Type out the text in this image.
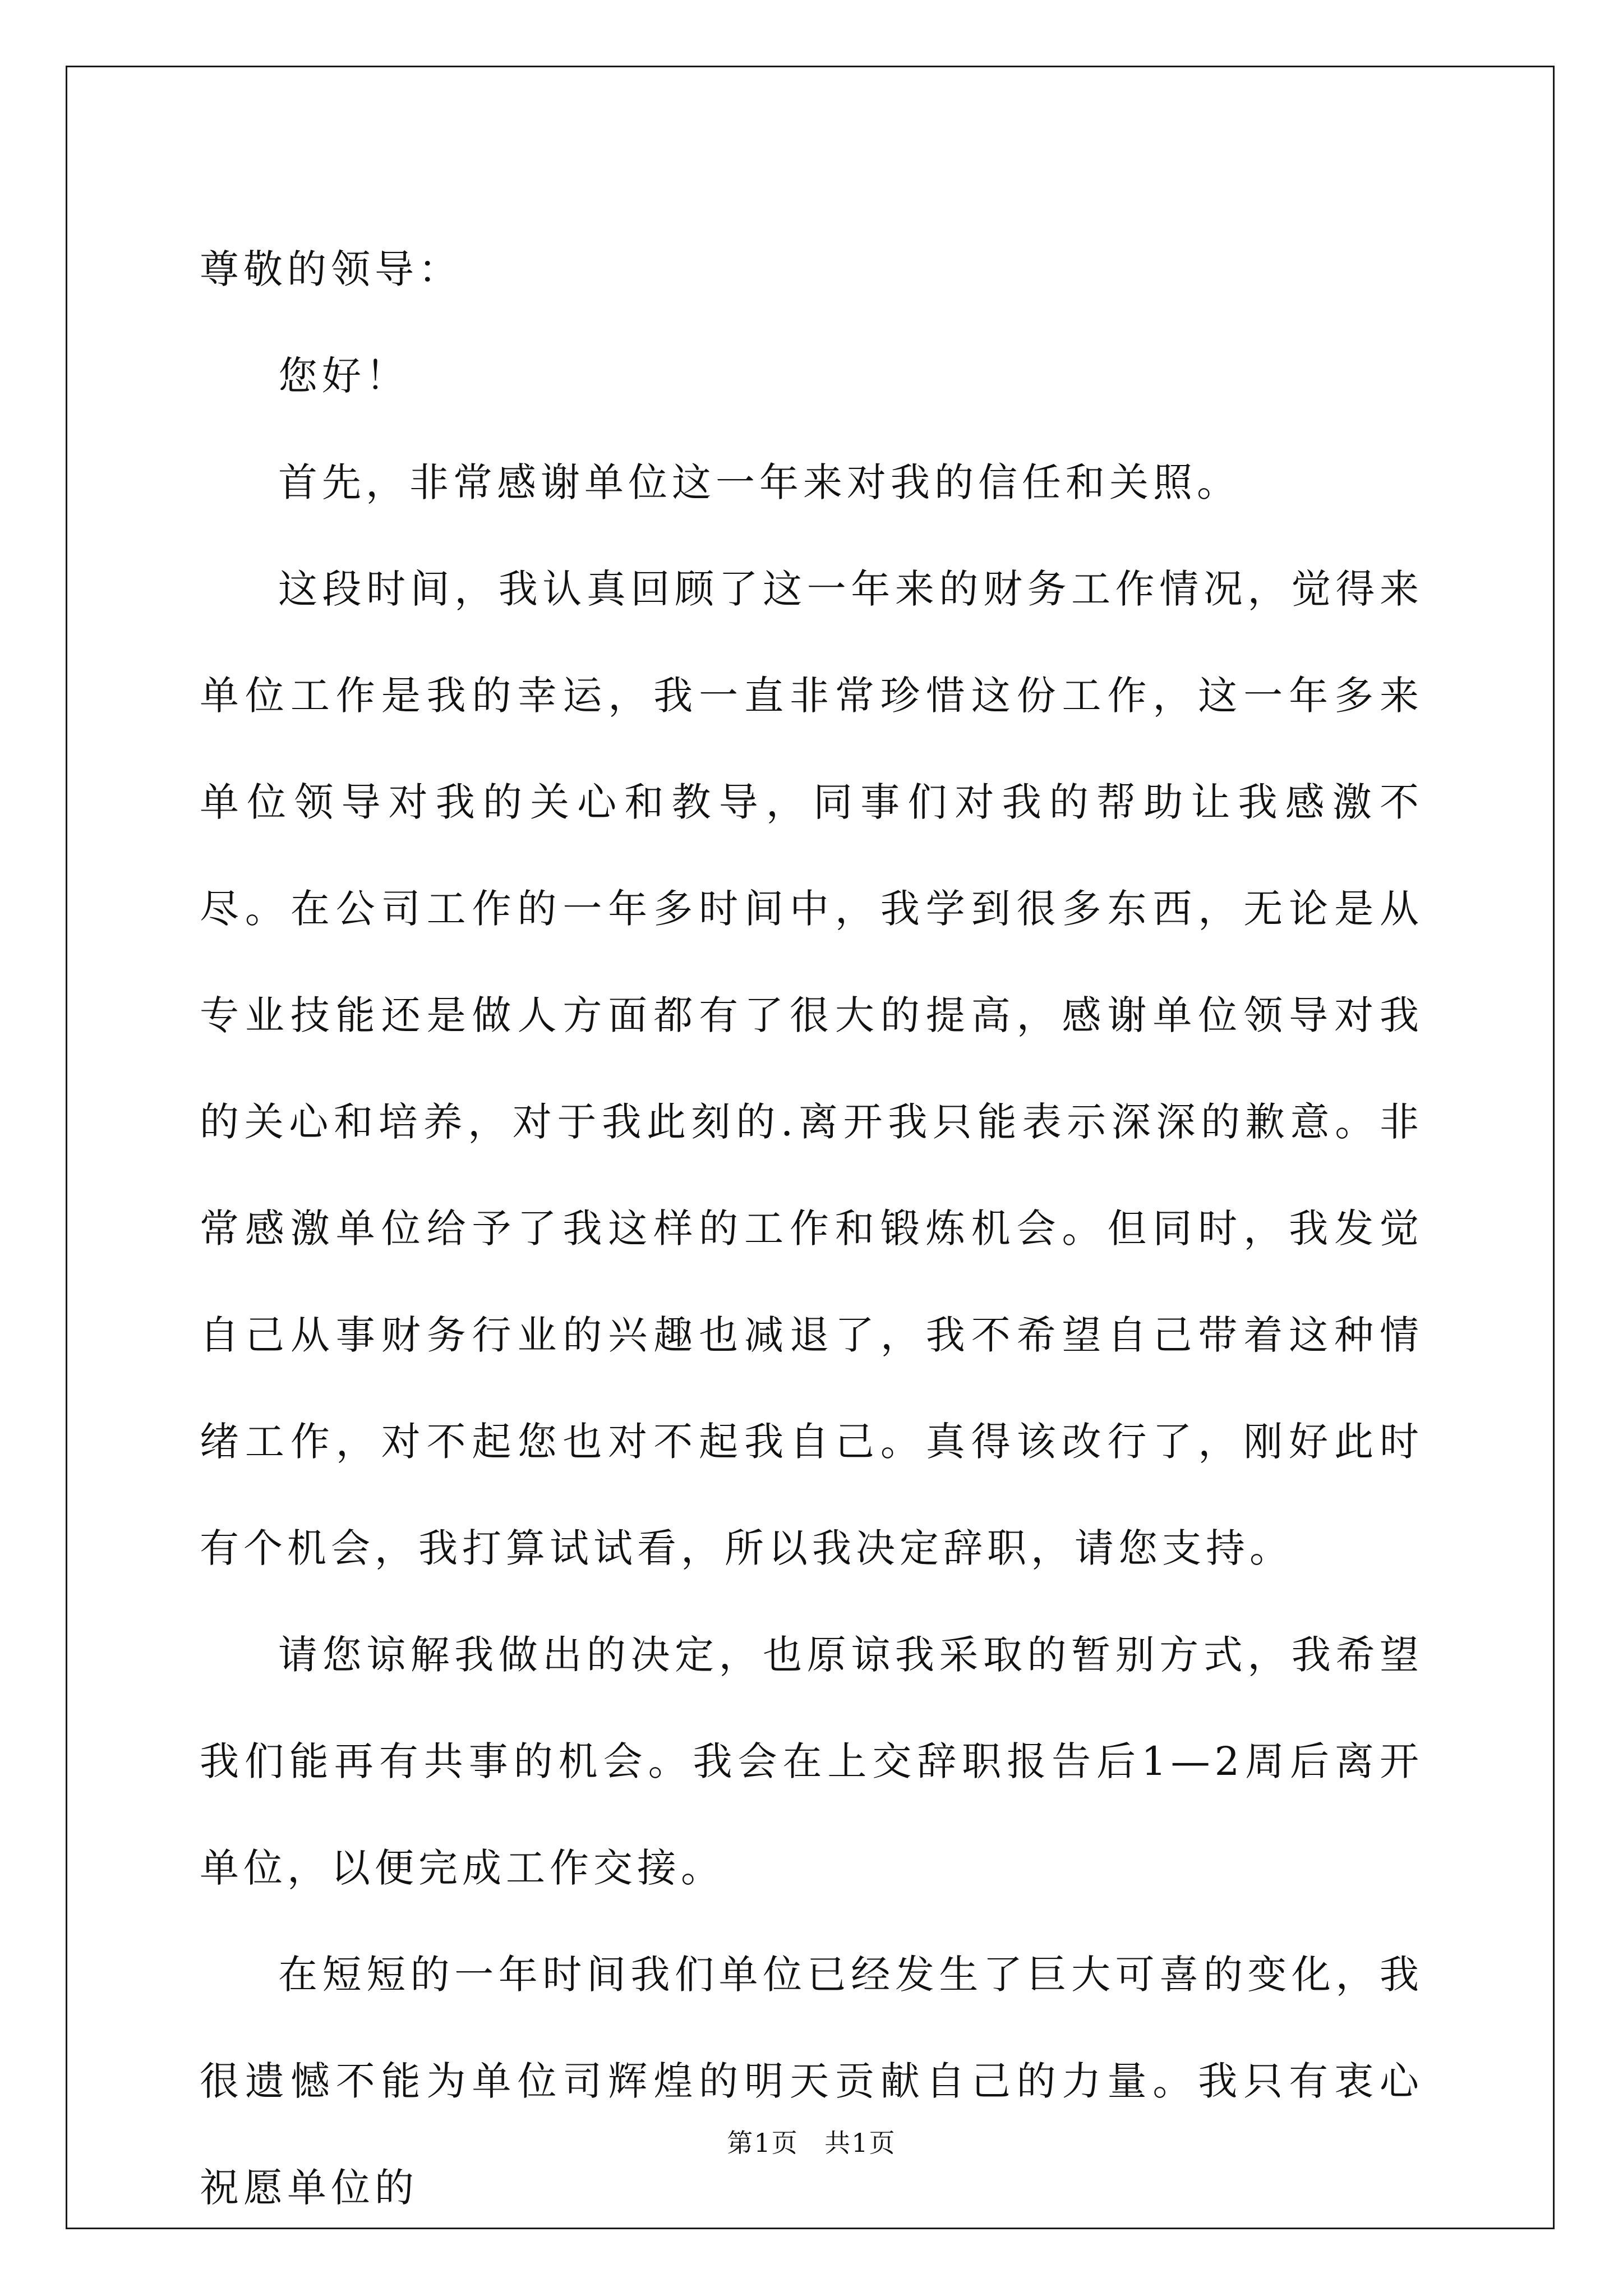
尊敬的领导：

您好！

首先，非常感谢单位这一年来对我的信任和关照。

这段时间，我认真回顾了这一年来的财务工作情况，觉得来单位工作是我的幸运，我一直非常珍惜这份工作，这一年多来单位领导对我的关心和教导，同事们对我的帮助让我感激不尽。在公司工作的一年多时间中，我学到很多东西，无论是从专业技能还是做人方面都有了很大的提高，感谢单位领导对我的关心和培养，对于我此刻的.离开我只能表示深深的歉意。非常感激单位给予了我这样的工作和锻炼机会。但同时，我发觉自己从事财务行业的兴趣也减退了，我不希望自己带着这种情绪工作，对不起您也对不起我自己。真得该改行了，刚好此时有个机会，我打算试试看，所以我决定辞职，请您支持。

请您谅解我做出的决定，也原谅我采取的暂别方式，我希望我们能再有共事的机会。我会在上交辞职报告后1—2周后离开单位，以便完成工作交接。

在短短的一年时间我们单位已经发生了巨大可喜的变化，我很遗憾不能为单位司辉煌的明天贡献自己的力量。我只有衷心祝愿单位的

第1页 共1页
